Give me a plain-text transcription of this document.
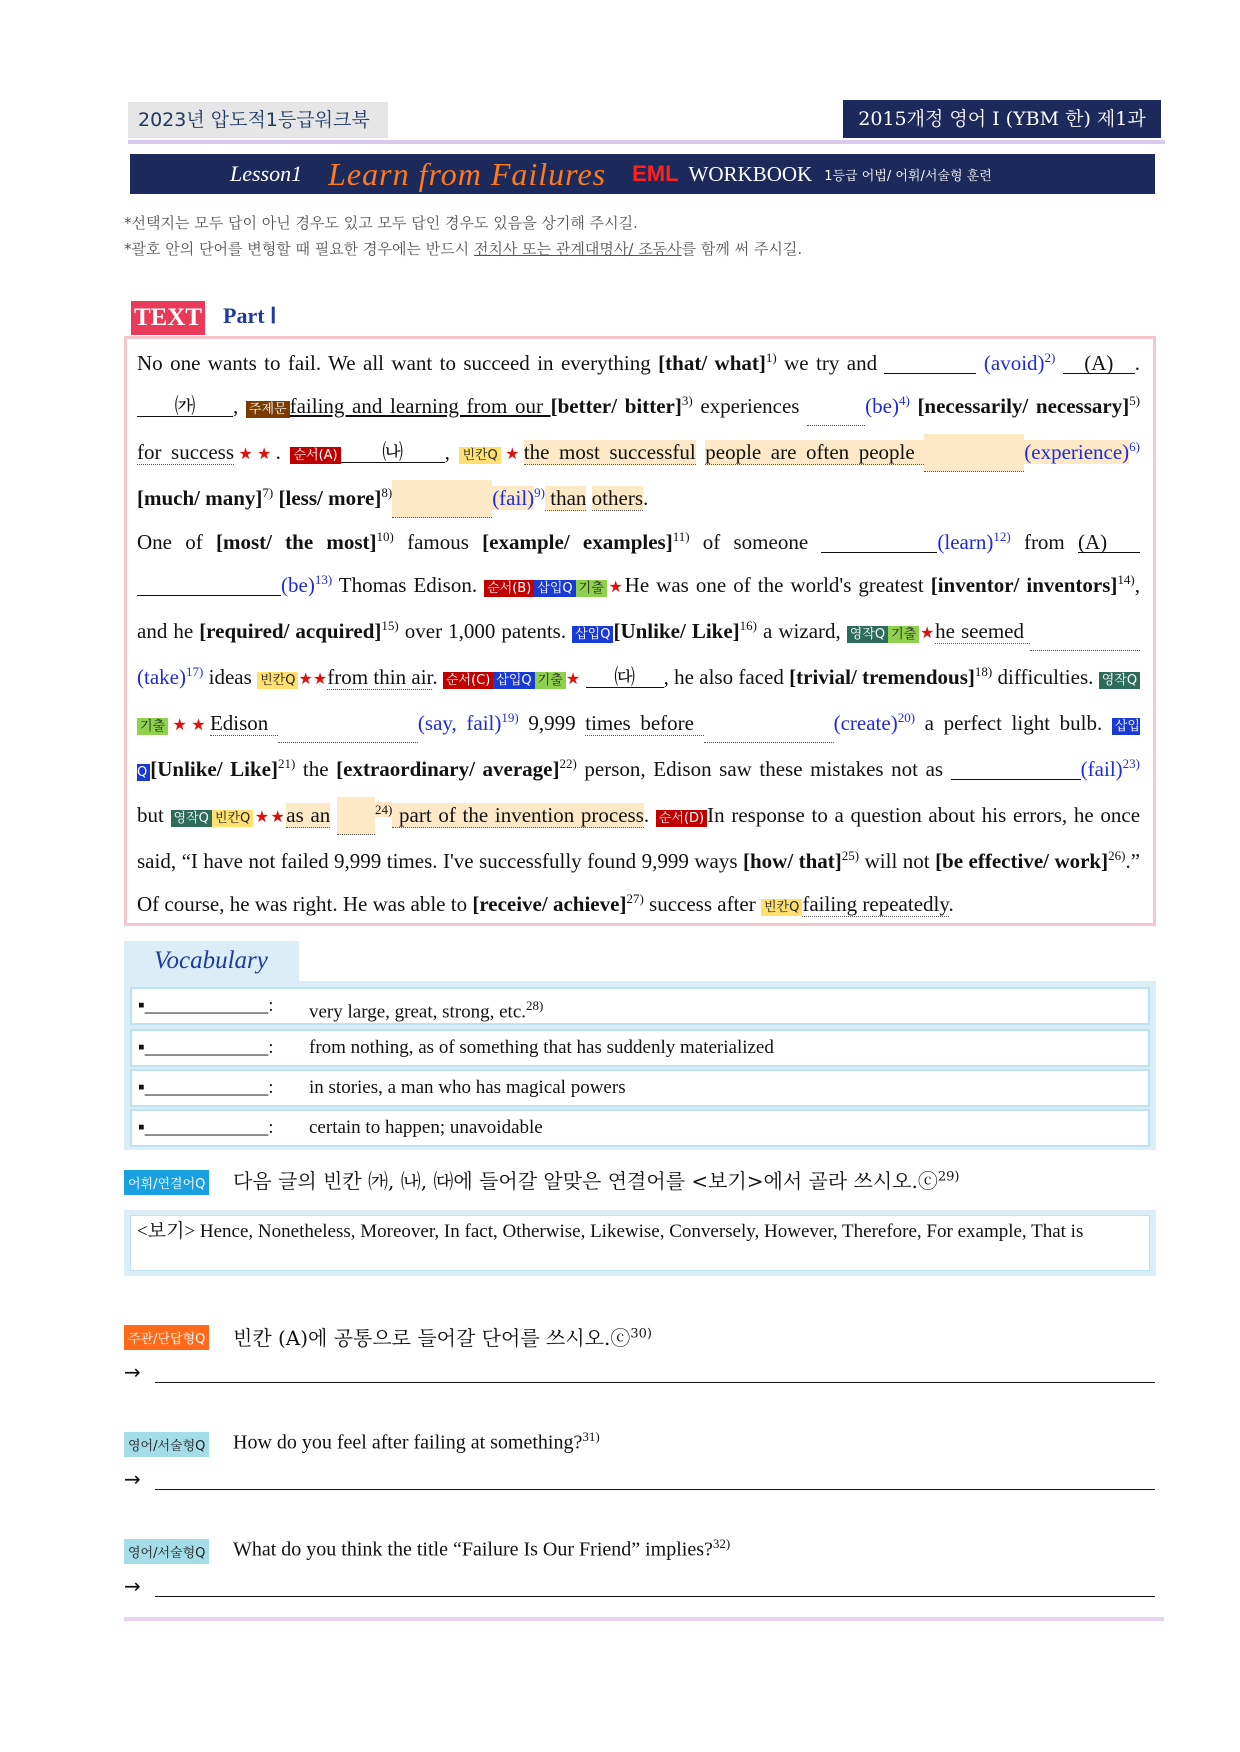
2023년 압도적1등급워크북	2015개정 영어 I (YBM 한) 제1과
Lesson1 Learn from Failures EML WORKBOOK 1등급 어법/ 어휘/서술형 훈련
*선택지는 모두 답이 아닌 경우도 있고 모두 답인 경우도 있음을 상기해 주시길.
*괄호 안의 단어를 변형할 때 필요한 경우에는 반드시 전치사 또는 관계대명사/ 조동사를 함께 써 주시길.
TEXT Part Ⅰ

No one wants to fail. We all want to succeed in everything [that/ what]$^{1)}$ we try and	(avoid)$^{2)}$ (A) . ㈎ , 주제문 failing and learning from our [better/ bitter]$^{3)}$ experiences	(be)$^{4)}$ [necessarily/ necessary]$^{5)}$ for success★★. 순서(A) ㈏ , 빈칸Q ★the most successful people are often people	(experience)$^{6)}$ [much/ many]$^{7)}$ [less/ more]$^{8)}$	(fail)$^{9)}$ than others.

One of [most/ the most]$^{10)}$ famous [example/ examples]$^{11)}$ of someone	(learn)$^{12)}$ from (A)  (be)$^{13)}$ Thomas Edison. 순서(B) 삽입Q 기출 ★He was one of the world's greatest [inventor/ inventors]$^{14)}$, and he [required/ acquired]$^{15)}$ over 1,000 patents. 삽입Q [Unlike/ Like]$^{16)}$ a wizard, 영작Q 기출 ★he seemed  (take)$^{17)}$ ideas 빈칸Q ★★from thin air. 순서(C) 삽입Q 기출 ★ ㈐ , he also faced [trivial/ tremendous]$^{18)}$ difficulties. 영작Q기출 ★★Edison	(say, fail)$^{19)}$ 9,999 times before	(create)$^{20)}$ a perfect light bulb. 삽입Q [Unlike/ Like]$^{21)}$ the [extraordinary/ average]$^{22)}$ person, Edison saw these mistakes not as	(fail)$^{23)}$ but 영작Q 빈칸Q ★★as an	$^{24)}$ part of the invention process. 순서(D) In response to a question about his errors, he once said, “I have not failed 9,999 times. I've successfully found 9,999 ways [how/ that]$^{25)}$ will not [be effective/ work]$^{26)}$.” Of course, he was right. He was able to [receive/ achieve]$^{27)}$ success after 빈칸Q failing repeatedly.

Vocabulary
▪_____________: very large, great, strong, etc.$^{28)}$
▪_____________: from nothing, as of something that has suddenly materialized
▪_____________: in stories, a man who has magical powers
▪_____________: certain to happen; unavoidable
어휘/연결어Q 다음 글의 빈칸 ㈎, ㈏, ㈐에 들어갈 알맞은 연결어를 <보기>에서 골라 쓰시오.ⓒ$^{29)}$
<보기> Hence, Nonetheless, Moreover, In fact, Otherwise, Likewise, Conversely, However, Therefore, For example, That is
주관/단답형Q 빈칸 (A)에 공통으로 들어갈 단어를 쓰시오.ⓒ$^{30)}$
→
영어/서술형Q How do you feel after failing at something?$^{31)}$
→
영어/서술형Q What do you think the title “Failure Is Our Friend” implies?$^{32)}$
→
